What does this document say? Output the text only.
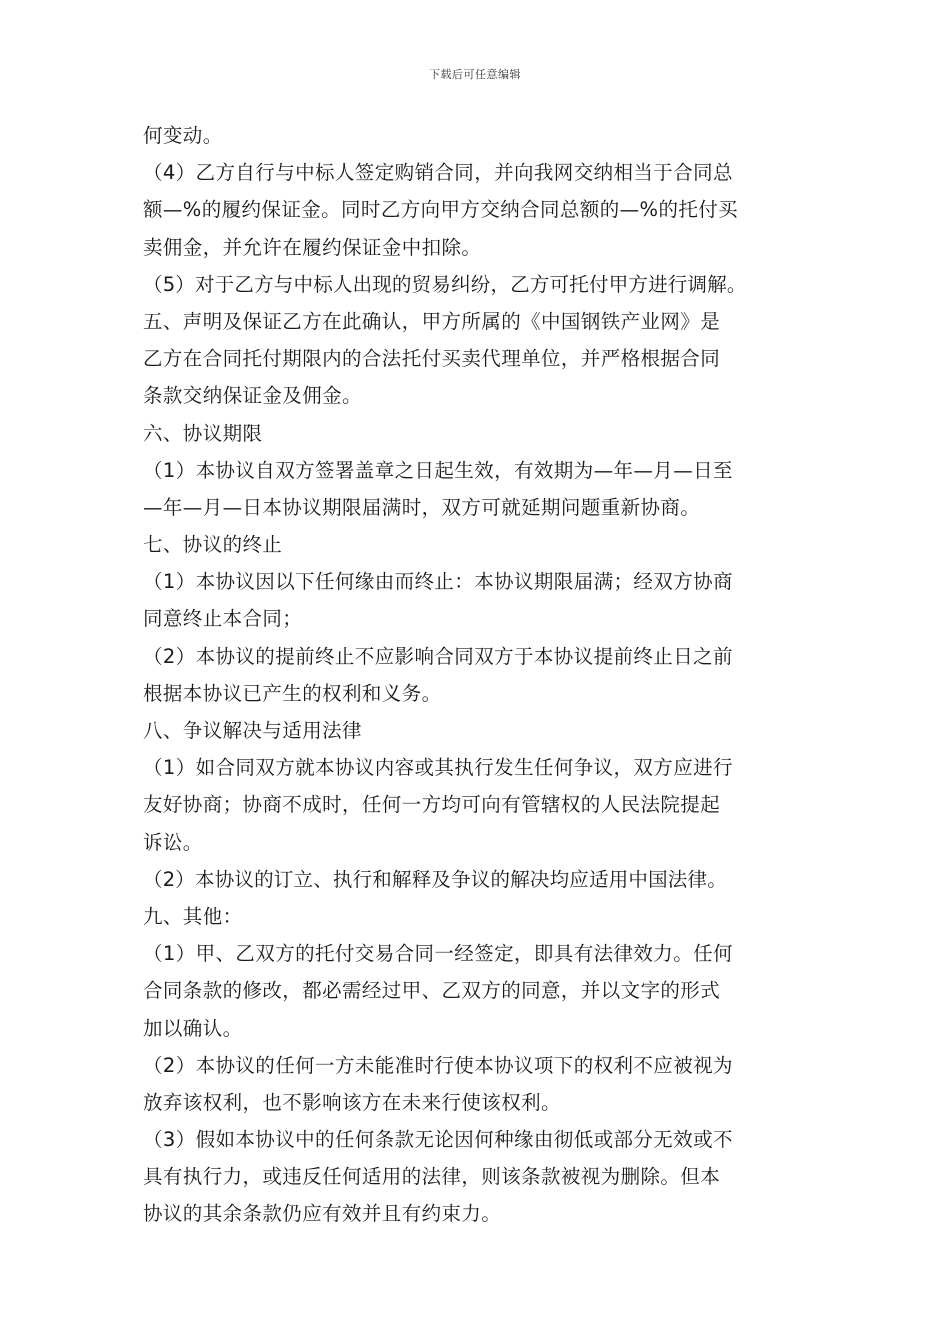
下载后可任意编辑
何变动。
（4）乙方自行与中标人签定购销合同，并向我网交纳相当于合同总
额—%的履约保证金。同时乙方向甲方交纳合同总额的—%的托付买
卖佣金，并允许在履约保证金中扣除。
（5）对于乙方与中标人出现的贸易纠纷，乙方可托付甲方进行调解。
五、声明及保证乙方在此确认，甲方所属的《中国钢铁产业网》是
乙方在合同托付期限内的合法托付买卖代理单位，并严格根据合同
条款交纳保证金及佣金。
六、协议期限
（1）本协议自双方签署盖章之日起生效，有效期为—年—月—日至
—年—月—日本协议期限届满时，双方可就延期问题重新协商。
七、协议的终止
（1）本协议因以下任何缘由而终止：本协议期限届满；经双方协商
同意终止本合同；
（2）本协议的提前终止不应影响合同双方于本协议提前终止日之前
根据本协议已产生的权利和义务。
八、争议解决与适用法律
（1）如合同双方就本协议内容或其执行发生任何争议，双方应进行
友好协商；协商不成时，任何一方均可向有管辖权的人民法院提起
诉讼。
（2）本协议的订立、执行和解释及争议的解决均应适用中国法律。
九、其他：
（1）甲、乙双方的托付交易合同一经签定，即具有法律效力。任何
合同条款的修改，都必需经过甲、乙双方的同意，并以文字的形式
加以确认。
（2）本协议的任何一方未能准时行使本协议项下的权利不应被视为
放弃该权利，也不影响该方在未来行使该权利。
（3）假如本协议中的任何条款无论因何种缘由彻低或部分无效或不
具有执行力，或违反任何适用的法律，则该条款被视为删除。但本
协议的其余条款仍应有效并且有约束力。
